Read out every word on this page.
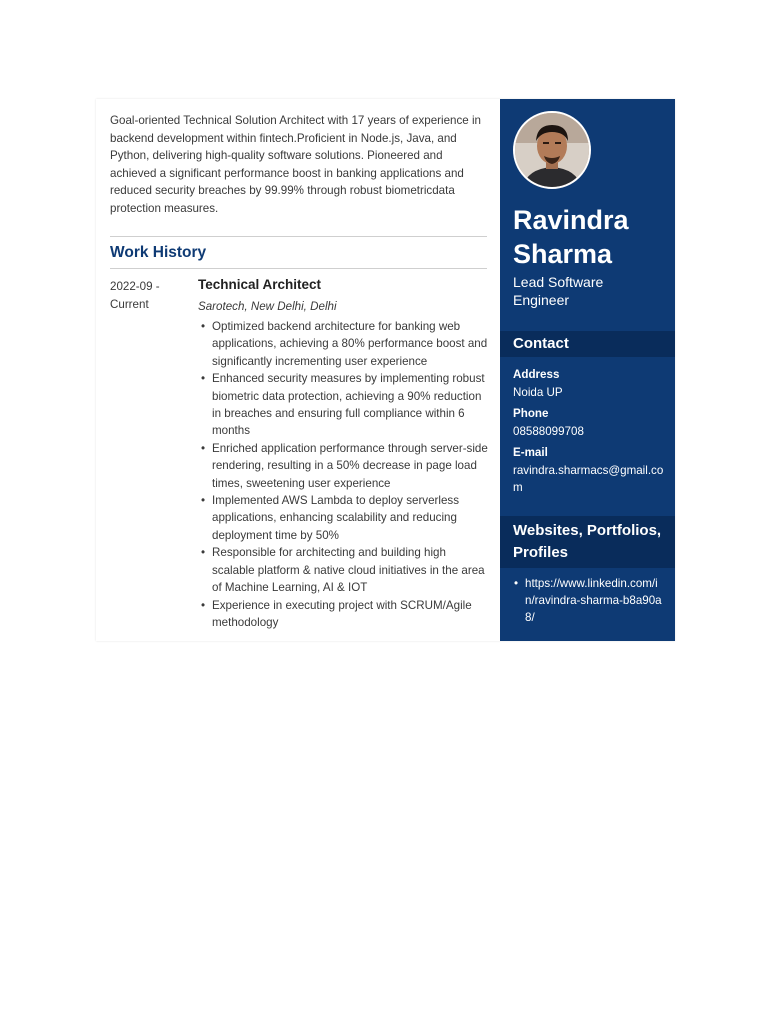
Goal-oriented Technical Solution Architect with 17 years of experience in backend development within fintech.Proficient in Node.js, Java, and Python, delivering high-quality software solutions. Pioneered and achieved a significant performance boost in banking applications and reduced security breaches by 99.99% through robust biometricdata protection measures.
Work History
2022-09 - Current
Technical Architect
Sarotech, New Delhi, Delhi
• Optimized backend architecture for banking web applications, achieving a 80% performance boost and significantly incrementing user experience
• Enhanced security measures by implementing robust biometric data protection, achieving a 90% reduction in breaches and ensuring full compliance within 6 months
• Enriched application performance through server-side rendering, resulting in a 50% decrease in page load times, sweetening user experience
• Implemented AWS Lambda to deploy serverless applications, enhancing scalability and reducing deployment time by 50%
• Responsible for architecting and building high scalable platform & native cloud initiatives in the area of Machine Learning, AI & IOT
• Experience in executing project with SCRUM/Agile methodology
Ravindra
Sharma
Lead Software Engineer
Contact
Address
Noida UP
Phone
08588099708
E-mail
ravindra.sharmacs@gmail.com
Websites, Portfolios, Profiles
• https://www.linkedin.com/in/ravindra-sharma-b8a90a8/
